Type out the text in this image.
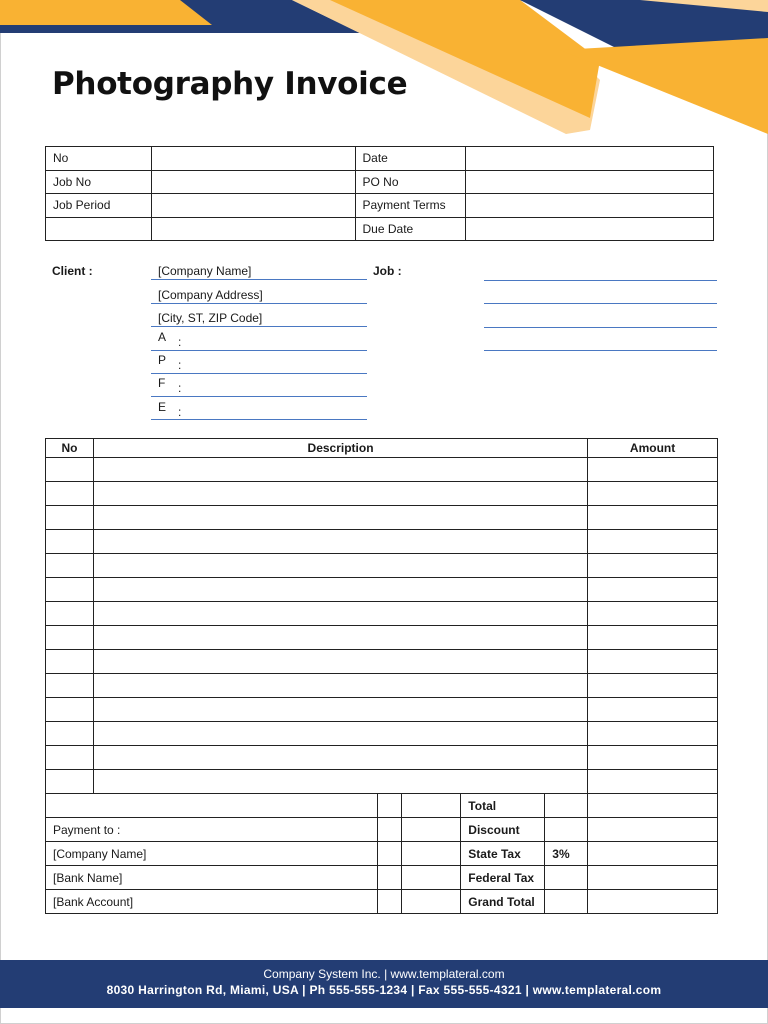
Photography Invoice
No		Date	
Job No		PO No	
Job Period		Payment Terms	
		Due Date	
Client :	[Company Name]
[Company Address]
[City, ST, ZIP Code]
A :
P :
F :
E :
Job :
No	Description	Amount

			Total		
Payment to :			Discount		
[Company Name]			State Tax	3%	
[Bank Name]			Federal Tax		
[Bank Account]			Grand Total		
Company System Inc. | www.templateral.com
8030 Harrington Rd, Miami, USA | Ph 555-555-1234 | Fax 555-555-4321 | www.templateral.com
